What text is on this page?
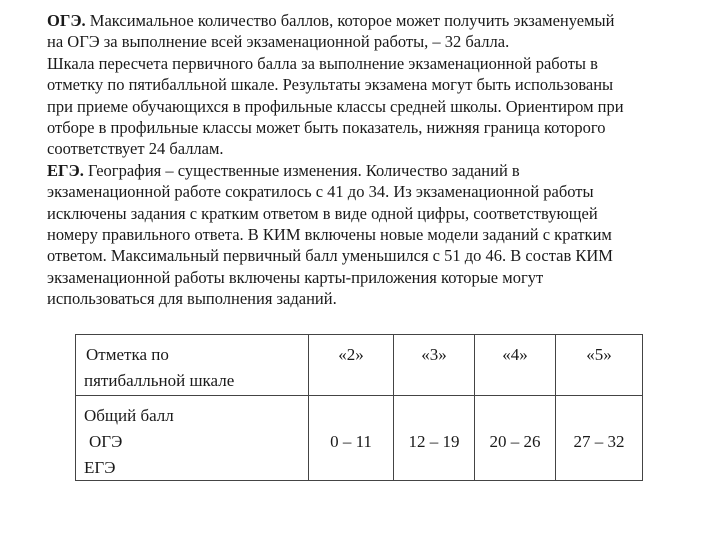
ОГЭ. Максимальное количество баллов, которое может получить экзаменуемый
на ОГЭ за выполнение всей экзаменационной работы, – 32 балла.
Шкала пересчета первичного балла за выполнение экзаменационной работы в
отметку по пятибалльной шкале. Результаты экзамена могут быть использованы
при приеме обучающихся в профильные классы средней школы. Ориентиром при
отборе в профильные классы может быть показатель, нижняя граница которого
соответствует 24 баллам.
ЕГЭ. География – существенные изменения. Количество заданий в
экзаменационной работе сократилось с 41 до 34. Из экзаменационной работы
исключены задания с кратким ответом в виде одной цифры, соответствующей
номеру правильного ответа. В КИМ включены новые модели заданий с кратким
ответом. Максимальный первичный балл уменьшился с 51 до 46. В состав КИМ
экзаменационной работы включены карты-приложения которые могут
использоваться для выполнения заданий.
Отметка по
пятибалльной шкале	«2»	«3»	«4»	«5»

Общий балл
ОГЭ
ЕГЭ	0 – 11	12 – 19	20 – 26	27 – 32
